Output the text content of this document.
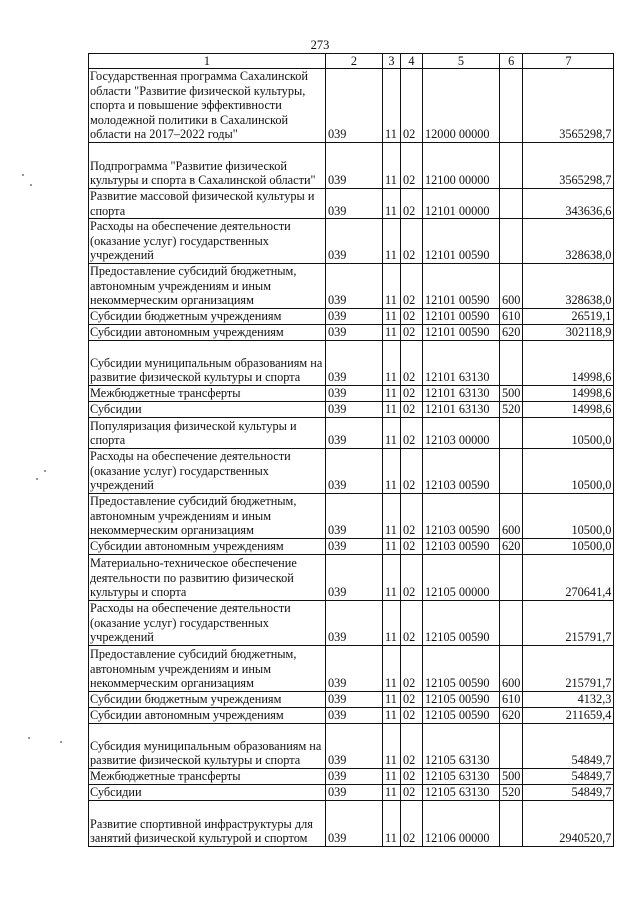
273
1	2	3	4	5	6	7
Государственная программа Сахалинской области "Развитие физической культуры, спорта и повышение эффективности молодежной политики в Сахалинской области на 2017–2022 годы"	039	11	02	12000 00000		3565298,7
Подпрограмма "Развитие физической культуры и спорта в Сахалинской области"	039	11	02	12100 00000		3565298,7
Развитие массовой физической культуры и спорта	039	11	02	12101 00000		343636,6
Расходы на обеспечение деятельности (оказание услуг) государственных учреждений	039	11	02	12101 00590		328638,0
Предоставление субсидий бюджетным, автономным учреждениям и иным некоммерческим организациям	039	11	02	12101 00590	600	328638,0
Субсидии бюджетным учреждениям	039	11	02	12101 00590	610	26519,1
Субсидии автономным учреждениям	039	11	02	12101 00590	620	302118,9
Субсидии муниципальным образованиям на развитие физической культуры и спорта	039	11	02	12101 63130		14998,6
Межбюджетные трансферты	039	11	02	12101 63130	500	14998,6
Субсидии	039	11	02	12101 63130	520	14998,6
Популяризация физической культуры и спорта	039	11	02	12103 00000		10500,0
Расходы на обеспечение деятельности (оказание услуг) государственных учреждений	039	11	02	12103 00590		10500,0
Предоставление субсидий бюджетным, автономным учреждениям и иным некоммерческим организациям	039	11	02	12103 00590	600	10500,0
Субсидии автономным учреждениям	039	11	02	12103 00590	620	10500,0
Материально-техническое обеспечение деятельности по развитию физической культуры и спорта	039	11	02	12105 00000		270641,4
Расходы на обеспечение деятельности (оказание услуг) государственных учреждений	039	11	02	12105 00590		215791,7
Предоставление субсидий бюджетным, автономным учреждениям и иным некоммерческим организациям	039	11	02	12105 00590	600	215791,7
Субсидии бюджетным учреждениям	039	11	02	12105 00590	610	4132,3
Субсидии автономным учреждениям	039	11	02	12105 00590	620	211659,4
Субсидия муниципальным образованиям на развитие физической культуры и спорта	039	11	02	12105 63130		54849,7
Межбюджетные трансферты	039	11	02	12105 63130	500	54849,7
Субсидии	039	11	02	12105 63130	520	54849,7
Развитие спортивной инфраструктуры для занятий физической культурой и спортом	039	11	02	12106 00000		2940520,7
